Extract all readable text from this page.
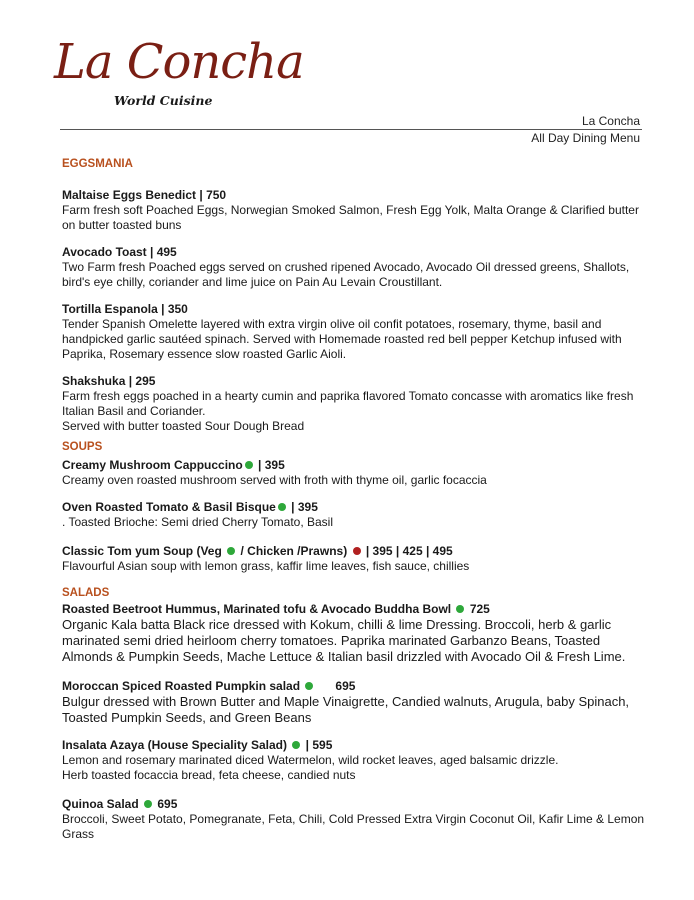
La Concha
World Cuisine
La Concha
All Day Dining Menu
EGGSMANIA
Maltaise Eggs Benedict | 750
Farm fresh soft Poached Eggs, Norwegian Smoked Salmon, Fresh Egg Yolk, Malta Orange & Clarified butter on butter toasted buns
Avocado Toast | 495
Two Farm fresh Poached eggs served on crushed ripened Avocado, Avocado Oil dressed greens, Shallots, bird's eye chilly, coriander and lime juice on Pain Au Levain Croustillant.
Tortilla Espanola | 350
Tender Spanish Omelette layered with extra virgin olive oil confit potatoes, rosemary, thyme, basil and handpicked garlic sautéed spinach. Served with Homemade roasted red bell pepper Ketchup infused with Paprika, Rosemary essence slow roasted Garlic Aioli.
Shakshuka | 295
Farm fresh eggs poached in a hearty cumin and paprika flavored Tomato concasse with aromatics like fresh Italian Basil and Coriander.
Served with butter toasted Sour Dough Bread
SOUPS
Creamy Mushroom Cappuccino | 395
Creamy oven roasted mushroom served with froth with thyme oil, garlic focaccia
Oven Roasted Tomato & Basil Bisque | 395
. Toasted Brioche: Semi dried Cherry Tomato, Basil
Classic Tom yum Soup (Veg  / Chicken /Prawns)  | 395 | 425 | 495
Flavourful Asian soup with lemon grass, kaffir lime leaves, fish sauce, chillies
SALADS
Roasted Beetroot Hummus, Marinated tofu & Avocado Buddha Bowl  725
Organic Kala batta Black rice dressed with Kokum, chilli & lime Dressing. Broccoli, herb & garlic marinated semi dried heirloom cherry tomatoes. Paprika marinated Garbanzo Beans, Toasted Almonds & Pumpkin Seeds, Mache Lettuce & Italian basil drizzled with Avocado Oil & Fresh Lime.
Moroccan Spiced Roasted Pumpkin salad	695
Bulgur dressed with Brown Butter and Maple Vinaigrette, Candied walnuts, Arugula, baby Spinach, Toasted Pumpkin Seeds, and Green Beans
Insalata Azaya (House Speciality Salad)  | 595
Lemon and rosemary marinated diced Watermelon, wild rocket leaves, aged balsamic drizzle.
Herb toasted focaccia bread, feta cheese, candied nuts
Quinoa Salad  695
Broccoli, Sweet Potato, Pomegranate, Feta, Chili, Cold Pressed Extra Virgin Coconut Oil, Kafir Lime & Lemon Grass
